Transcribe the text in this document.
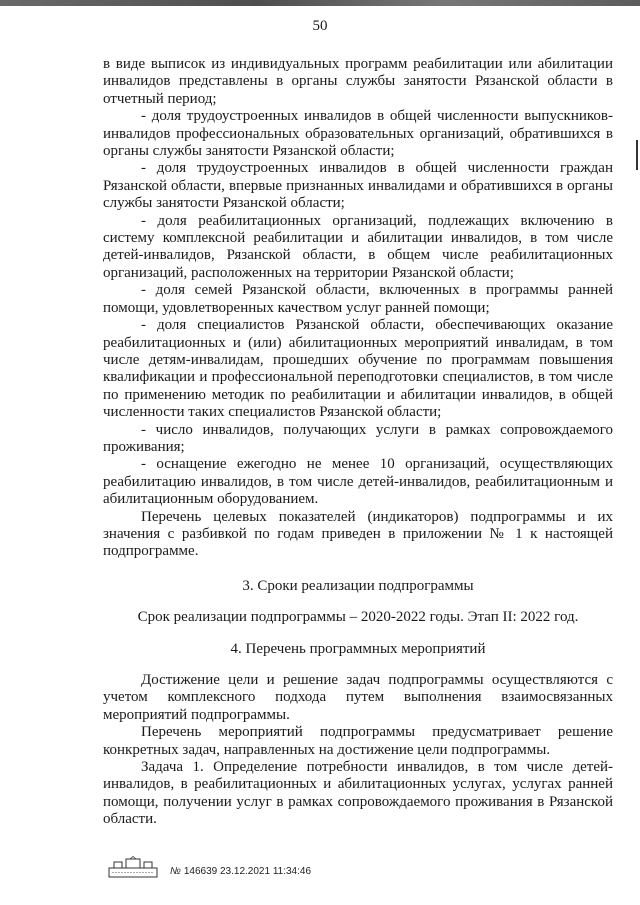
50

в виде выписок из индивидуальных программ реабилитации или абилитации инвалидов представлены в органы службы занятости Рязанской области в отчетный период;

- доля трудоустроенных инвалидов в общей численности выпускников-инвалидов профессиональных образовательных организаций, обратившихся в органы службы занятости Рязанской области;

- доля трудоустроенных инвалидов в общей численности граждан Рязанской области, впервые признанных инвалидами и обратившихся в органы службы занятости Рязанской области;

- доля реабилитационных организаций, подлежащих включению в систему комплексной реабилитации и абилитации инвалидов, в том числе детей-инвалидов, Рязанской области, в общем числе реабилитационных организаций, расположенных на территории Рязанской области;

- доля семей Рязанской области, включенных в программы ранней помощи, удовлетворенных качеством услуг ранней помощи;

- доля специалистов Рязанской области, обеспечивающих оказание реабилитационных и (или) абилитационных мероприятий инвалидам, в том числе детям-инвалидам, прошедших обучение по программам повышения квалификации и профессиональной переподготовки специалистов, в том числе по применению методик по реабилитации и абилитации инвалидов, в общей численности таких специалистов Рязанской области;

- число инвалидов, получающих услуги в рамках сопровождаемого проживания;

- оснащение ежегодно не менее 10 организаций, осуществляющих реабилитацию инвалидов, в том числе детей-инвалидов, реабилитационным и абилитационным оборудованием.

Перечень целевых показателей (индикаторов) подпрограммы и их значения с разбивкой по годам приведен в приложении № 1 к настоящей подпрограмме.

3. Сроки реализации подпрограммы

Срок реализации подпрограммы – 2020-2022 годы. Этап II: 2022 год.

4. Перечень программных мероприятий

Достижение цели и решение задач подпрограммы осуществляются с учетом комплексного подхода путем выполнения взаимосвязанных мероприятий подпрограммы.

Перечень мероприятий подпрограммы предусматривает решение конкретных задач, направленных на достижение цели подпрограммы.

Задача 1. Определение потребности инвалидов, в том числе детей-инвалидов, в реабилитационных и абилитационных услугах, услугах ранней помощи, получении услуг в рамках сопровождаемого проживания в Рязанской области.

№ 146639 23.12.2021 11:34:46
